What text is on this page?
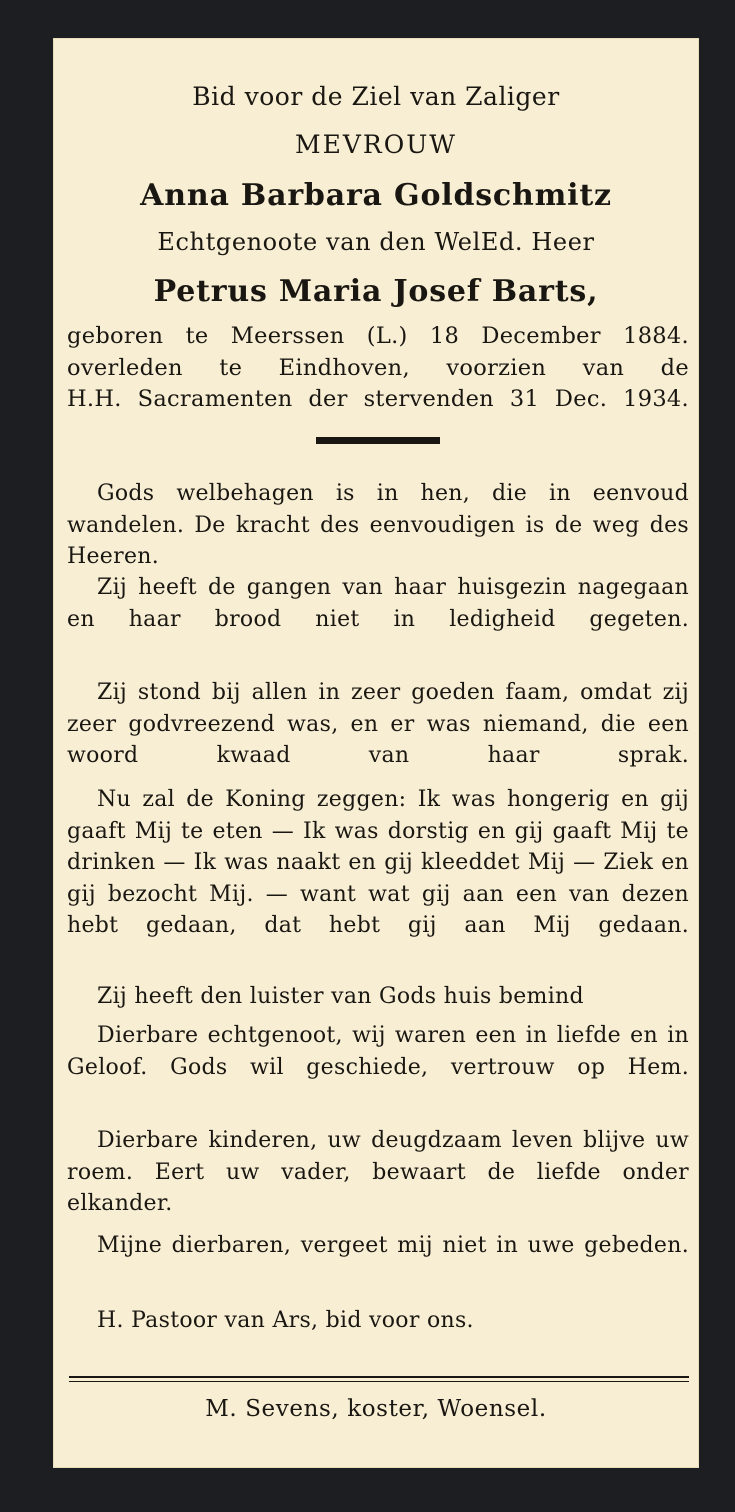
Bid voor de Ziel van Zaliger

MEVROUW

Anna Barbara Goldschmitz

Echtgenoote van den WelEd. Heer

Petrus Maria Josef Barts,

geboren te Meerssen (L.) 18 December 1884.
overleden te Eindhoven, voorzien van de
H.H. Sacramenten der stervenden 31 Dec. 1934.

Gods welbehagen is in hen, die in eenvoud wandelen. De kracht des eenvoudigen is de weg des Heeren.

Zij heeft de gangen van haar huisgezin nagegaan en haar brood niet in ledigheid gegeten.

Zij stond bij allen in zeer goeden faam, omdat zij zeer godvreezend was, en er was niemand, die een woord kwaad van haar sprak.

Nu zal de Koning zeggen: Ik was hongerig en gij gaaft Mij te eten — Ik was dorstig en gij gaaft Mij te drinken — Ik was naakt en gij kleeddet Mij — Ziek en gij bezocht Mij. — want wat gij aan een van dezen hebt gedaan, dat hebt gij aan Mij gedaan.

Zij heeft den luister van Gods huis bemind

Dierbare echtgenoot, wij waren een in liefde en in Geloof. Gods wil geschiede, vertrouw op Hem.

Dierbare kinderen, uw deugdzaam leven blijve uw roem. Eert uw vader, bewaart de liefde onder elkander.

Mijne dierbaren, vergeet mij niet in uwe gebeden.

H. Pastoor van Ars, bid voor ons.

M. Sevens, koster, Woensel.
